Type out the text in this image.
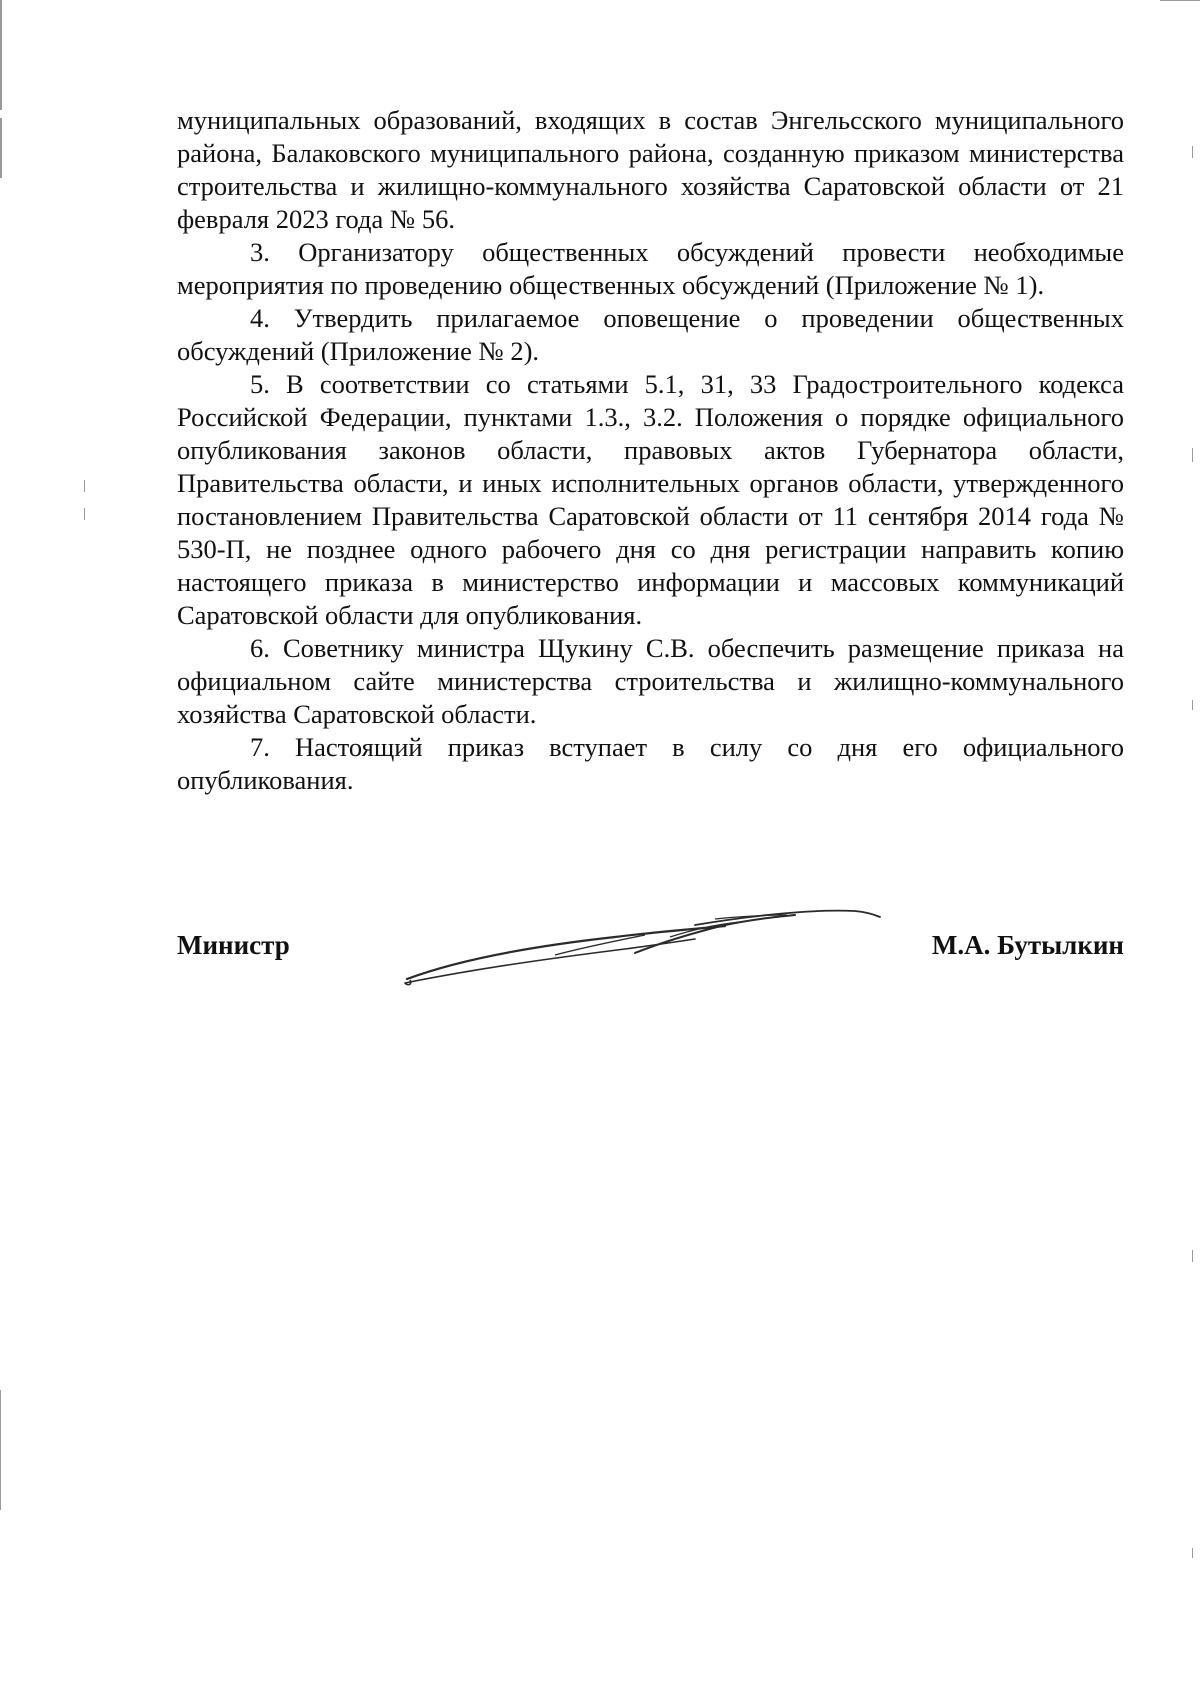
муниципальных образований, входящих в состав Энгельсского муниципального района, Балаковского муниципального района, созданную приказом министерства строительства и жилищно-коммунального хозяйства Саратовской области от 21 февраля 2023 года № 56.

3. Организатору общественных обсуждений провести необходимые мероприятия по проведению общественных обсуждений (Приложение № 1).

4. Утвердить прилагаемое оповещение о проведении общественных обсуждений (Приложение № 2).

5. В соответствии со статьями 5.1, 31, 33 Градостроительного кодекса Российской Федерации, пунктами 1.3., 3.2. Положения о порядке официального опубликования законов области, правовых актов Губернатора области, Правительства области, и иных исполнительных органов области, утвержденного постановлением Правительства Саратовской области от 11 сентября 2014 года № 530-П, не позднее одного рабочего дня со дня регистрации направить копию настоящего приказа в министерство информации и массовых коммуникаций Саратовской области для опубликования.

6. Советнику министра Щукину С.В. обеспечить размещение приказа на официальном сайте министерства строительства и жилищно-коммунального хозяйства Саратовской области.

7. Настоящий приказ вступает в силу со дня его официального опубликования.

Министр	М.А. Бутылкин
